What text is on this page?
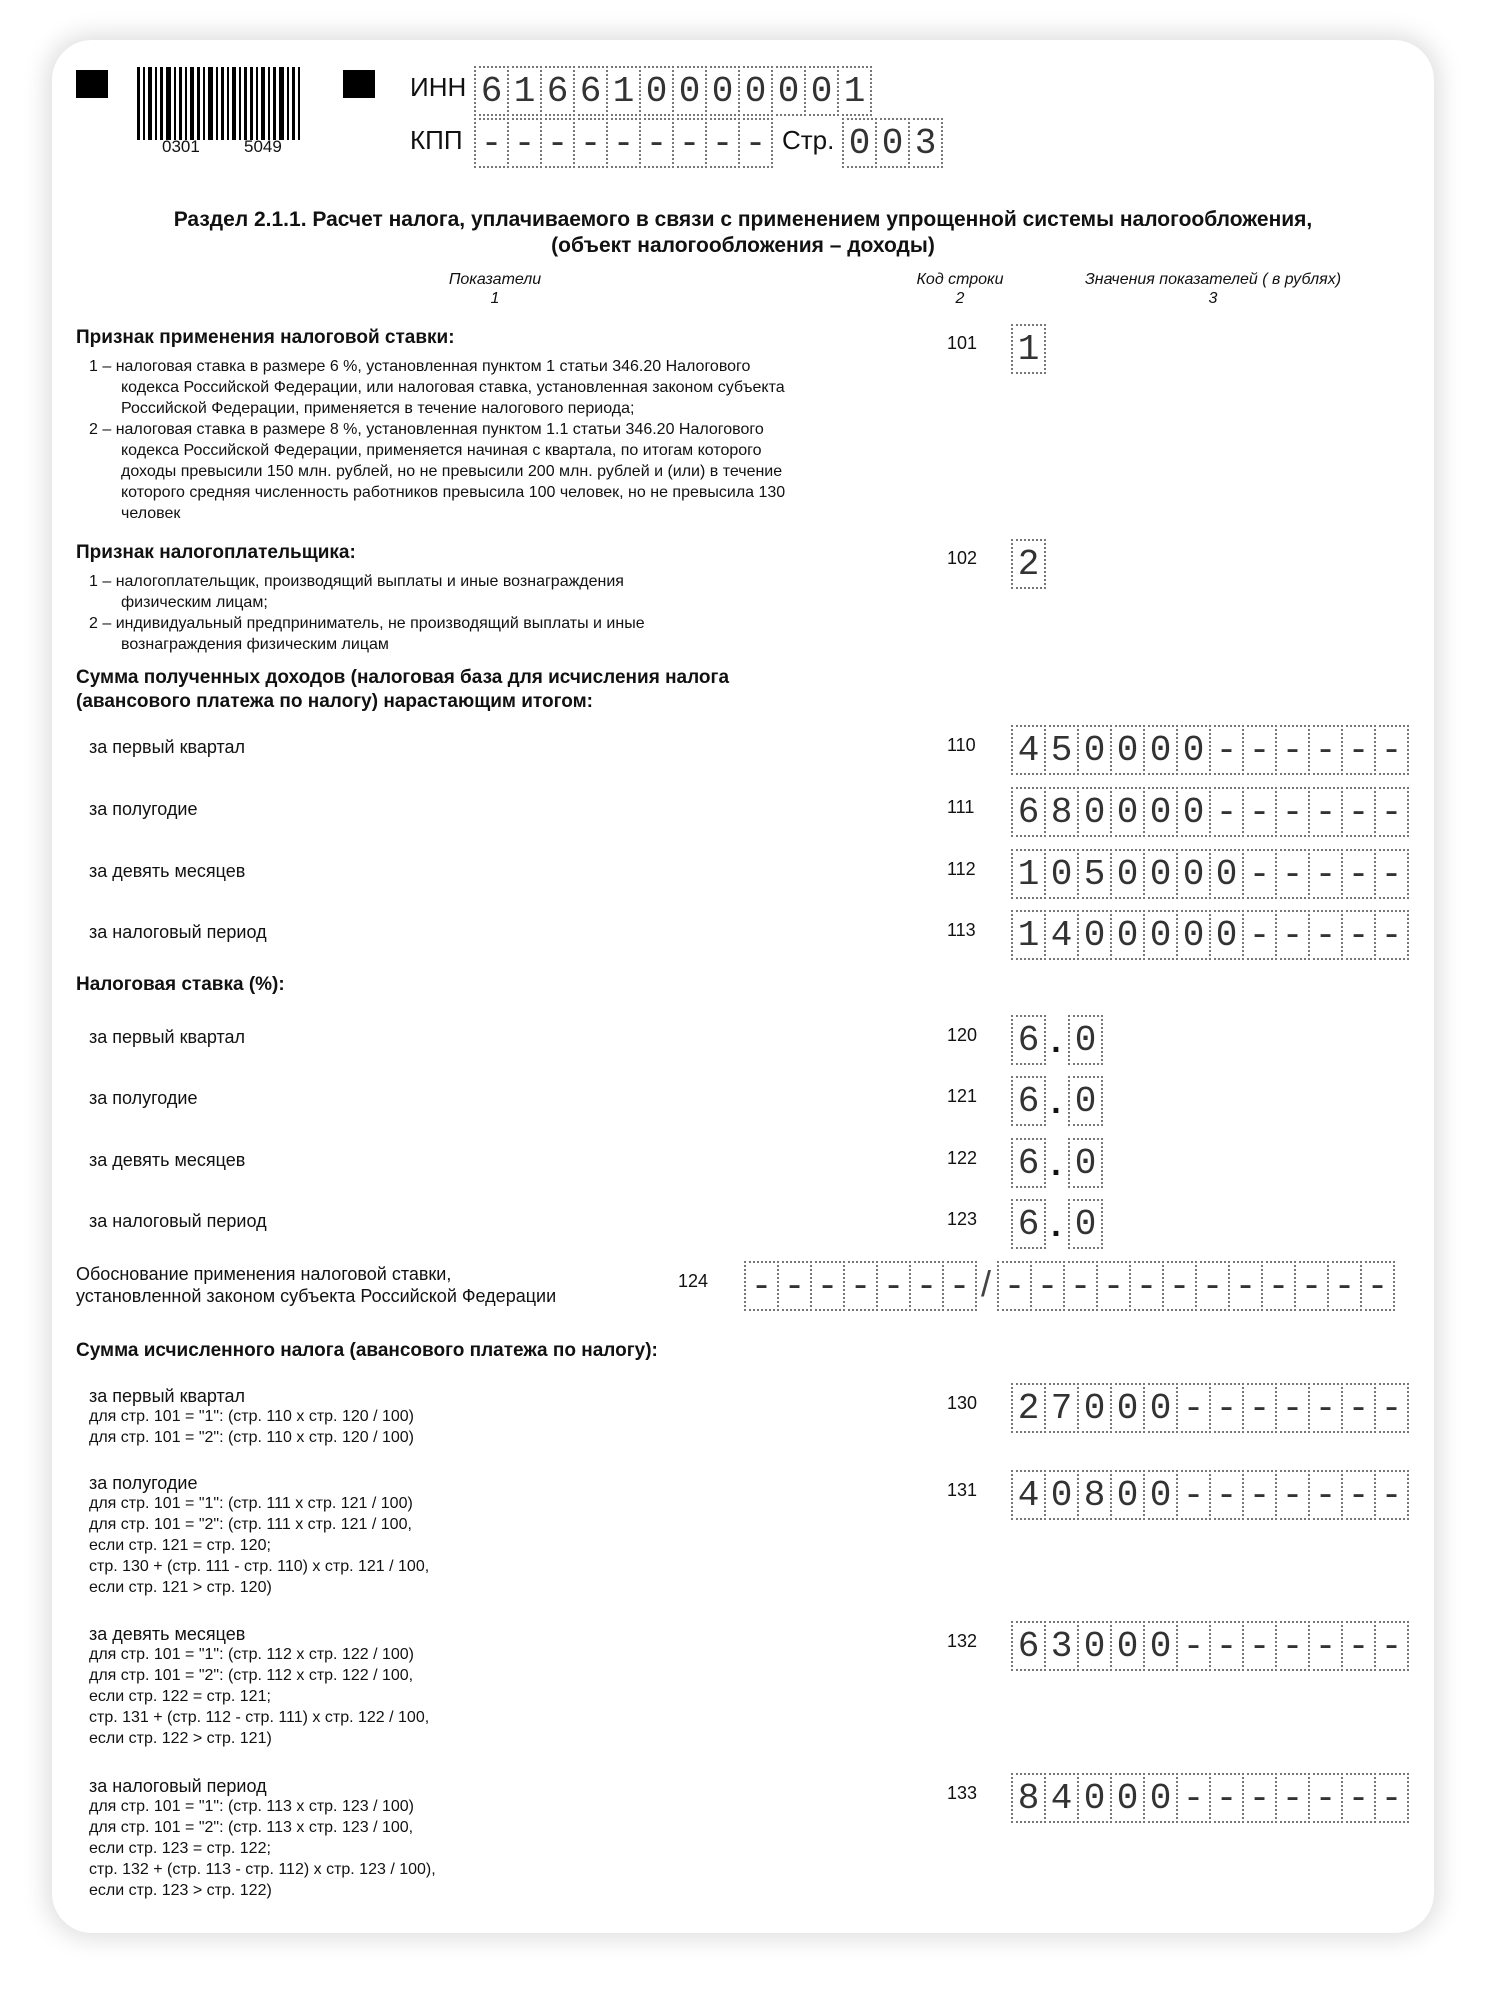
0301	5049
ИНН 6 1 6 6 1 0 0 0 0 0 0 1
КПП - - - - - - - - - Стр. 0 0 3
Раздел 2.1.1. Расчет налога, уплачиваемого в связи с применением упрощенной системы налогообложения,
(объект налогообложения – доходы)
Показатели
1
Код строки
2
Значения показателей ( в рублях)
3
Признак применения налоговой ставки:
1 – налоговая ставка в размере 6 %, установленная пунктом 1 статьи 346.20 Налогового
кодекса Российской Федерации, или налоговая ставка, установленная законом субъекта
Российской Федерации, применяется в течение налогового периода;
2 – налоговая ставка в размере 8 %, установленная пунктом 1.1 статьи 346.20 Налогового
кодекса Российской Федерации, применяется начиная с квартала, по итогам которого
доходы превысили 150 млн. рублей, но не превысили 200 млн. рублей и (или) в течение
которого средняя численность работников превысила 100 человек, но не превысила 130
человек
101 1
Признак налогоплательщика:
1 – налогоплательщик, производящий выплаты и иные вознаграждения
физическим лицам;
2 – индивидуальный предприниматель, не производящий выплаты и иные
вознаграждения физическим лицам
102 2
Сумма полученных доходов (налоговая база для исчисления налога
(авансового платежа по налогу) нарастающим итогом:
за первый квартал	110 4 5 0 0 0 0 - - - - - -
за полугодие	111 6 8 0 0 0 0 - - - - - -
за девять месяцев	112 1 0 5 0 0 0 0 - - - - -
за налоговый период	113 1 4 0 0 0 0 0 - - - - -
Налоговая ставка (%):
за первый квартал	120 6 . 0
за полугодие	121 6 . 0
за девять месяцев	122 6 . 0
за налоговый период	123 6 . 0
Обоснование применения налоговой ставки,
установленной законом субъекта Российской Федерации
124 - - - - - - - / - - - - - - - - - - - -
Сумма исчисленного налога (авансового платежа по налогу):
за первый квартал
для стр. 101 = "1": (стр. 110 x стр. 120 / 100)
для стр. 101 = "2": (стр. 110 x стр. 120 / 100)
130 2 7 0 0 0 - - - - - - -
за полугодие
для стр. 101 = "1": (стр. 111 x стр. 121 / 100)
для стр. 101 = "2": (стр. 111 x стр. 121 / 100,
если стр. 121 = стр. 120;
стр. 130 + (стр. 111 - стр. 110) x стр. 121 / 100,
если стр. 121 > стр. 120)
131 4 0 8 0 0 - - - - - - -
за девять месяцев
для стр. 101 = "1": (стр. 112 x стр. 122 / 100)
для стр. 101 = "2": (стр. 112 x стр. 122 / 100,
если стр. 122 = стр. 121;
стр. 131 + (стр. 112 - стр. 111) x стр. 122 / 100,
если стр. 122 > стр. 121)
132 6 3 0 0 0 - - - - - - -
за налоговый период
для стр. 101 = "1": (стр. 113 x стр. 123 / 100)
для стр. 101 = "2": (стр. 113 x стр. 123 / 100,
если стр. 123 = стр. 122;
стр. 132 + (стр. 113 - стр. 112) x стр. 123 / 100),
если стр. 123 > стр. 122)
133 8 4 0 0 0 - - - - - - -
